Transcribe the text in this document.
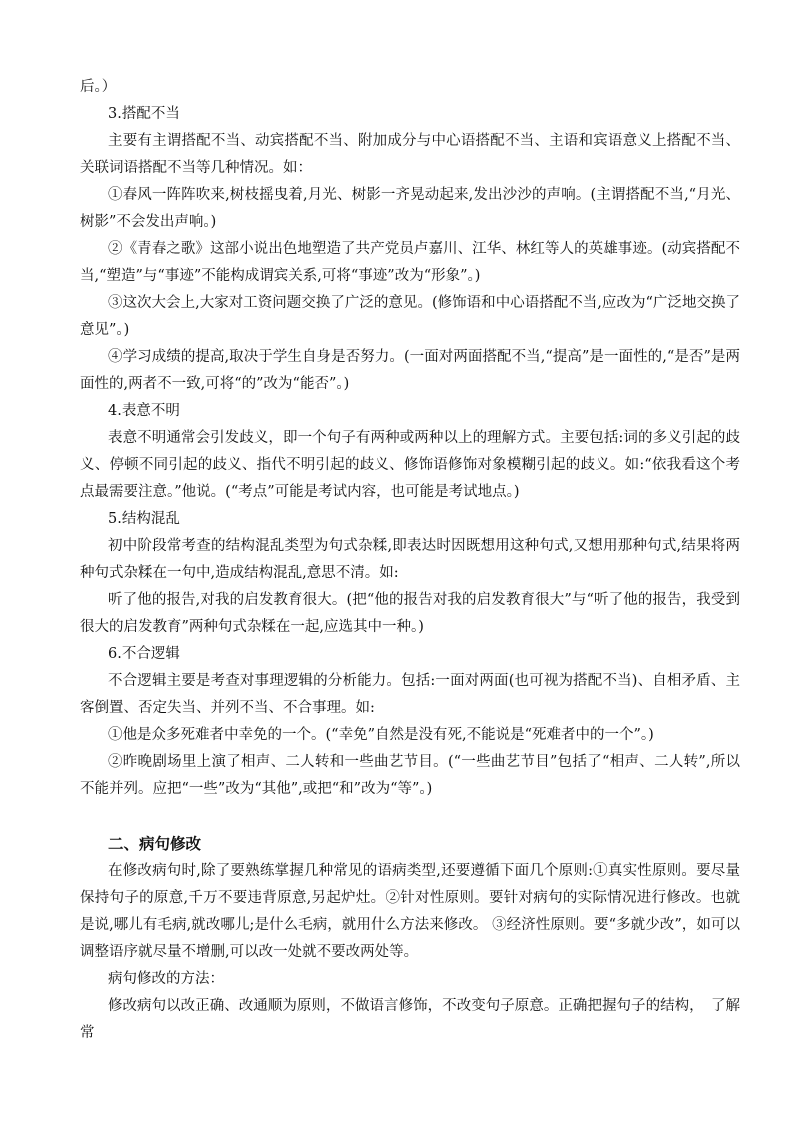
后。）

3.搭配不当

主要有主谓搭配不当、动宾搭配不当、附加成分与中心语搭配不当、主语和宾语意义上搭配不当、关联词语搭配不当等几种情况。如：

①春风一阵阵吹来,树枝摇曳着,月光、树影一齐晃动起来,发出沙沙的声响。(主谓搭配不当,“月光、树影”不会发出声响。)

②《青春之歌》这部小说出色地塑造了共产党员卢嘉川、江华、林红等人的英雄事迹。(动宾搭配不当,“塑造”与“事迹”不能构成谓宾关系,可将“事迹”改为“形象”。)

③这次大会上,大家对工资问题交换了广泛的意见。(修饰语和中心语搭配不当,应改为“广泛地交换了意见”。)

④学习成绩的提高,取决于学生自身是否努力。(一面对两面搭配不当,“提高”是一面性的,“是否”是两面性的,两者不一致,可将“的”改为“能否”。)

4.表意不明

表意不明通常会引发歧义，即一个句子有两种或两种以上的理解方式。主要包括:词的多义引起的歧义、停顿不同引起的歧义、指代不明引起的歧义、修饰语修饰对象模糊引起的歧义。如:“依我看这个考点最需要注意。”他说。(“考点”可能是考试内容，也可能是考试地点。)

5.结构混乱

初中阶段常考查的结构混乱类型为句式杂糅,即表达时因既想用这种句式,又想用那种句式,结果将两种句式杂糅在一句中,造成结构混乱,意思不清。如:

听了他的报告,对我的启发教育很大。(把“他的报告对我的启发教育很大”与“听了他的报告，我受到很大的启发教育”两种句式杂糅在一起,应选其中一种。)

6.不合逻辑

不合逻辑主要是考查对事理逻辑的分析能力。包括:一面对两面(也可视为搭配不当)、自相矛盾、主客倒置、否定失当、并列不当、不合事理。如:

①他是众多死难者中幸免的一个。(“幸免”自然是没有死,不能说是“死难者中的一个”。)

②昨晚剧场里上演了相声、二人转和一些曲艺节目。(“一些曲艺节目”包括了“相声、二人转”,所以不能并列。应把“一些”改为“其他”,或把“和”改为“等”。)

二、病句修改

在修改病句时,除了要熟练掌握几种常见的语病类型,还要遵循下面几个原则:①真实性原则。要尽量保持句子的原意,千万不要违背原意,另起炉灶。②针对性原则。要针对病句的实际情况进行修改。也就是说,哪儿有毛病,就改哪儿;是什么毛病，就用什么方法来修改。 ③经济性原则。要“多就少改”，如可以调整语序就尽量不增删,可以改一处就不要改两处等。

病句修改的方法：

修改病句以改正确、改通顺为原则，不做语言修饰，不改变句子原意。正确把握句子的结构，　了解常
